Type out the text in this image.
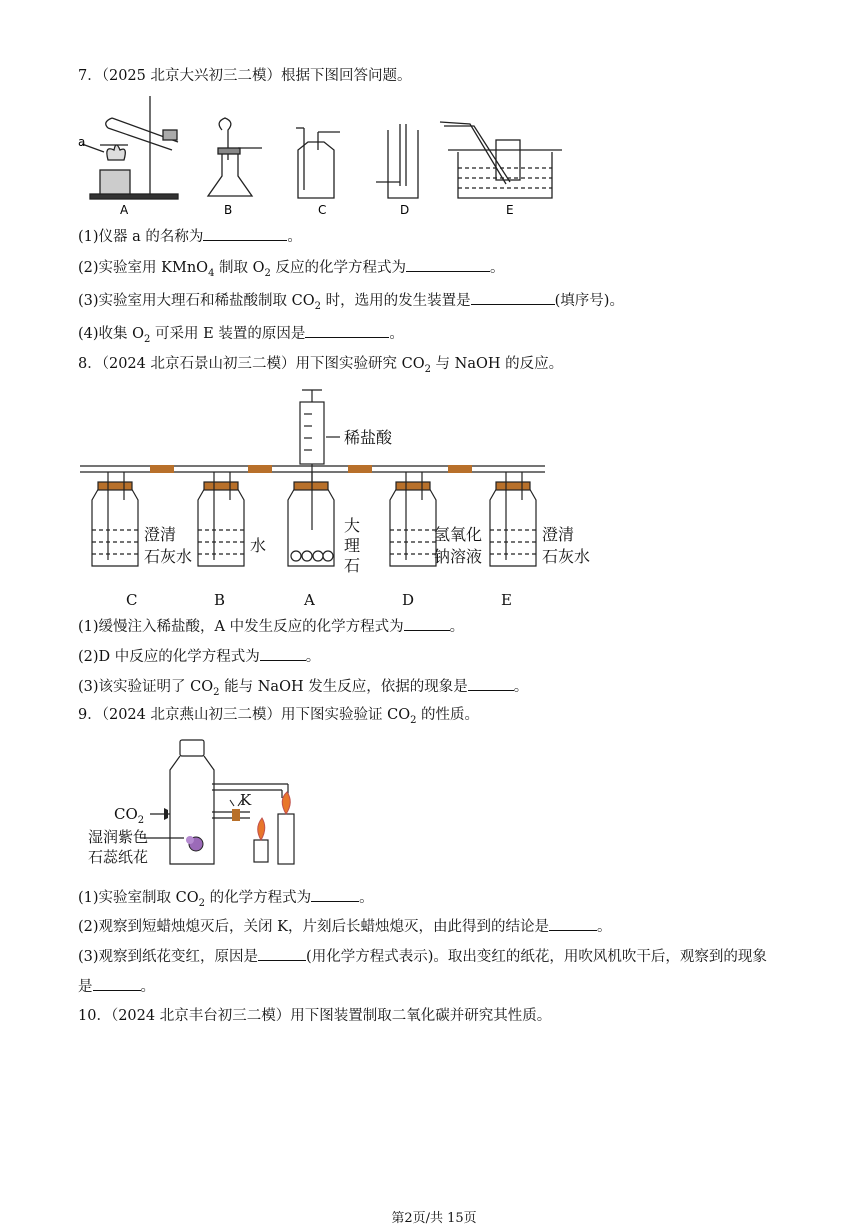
7．（2025 北京大兴初三二模）根据下图回答问题。
a
A	B	C	D	E
(1)仪器 a 的名称为	。
(2)实验室用 KMnO$_4$ 制取 $O_2$ 反应的化学方程式为	。
(3)实验室用大理石和稀盐酸制取 $CO_2$ 时，选用的发生装置是	(填序号)。
(4)收集 $O_2$ 可采用 E 装置的原因是	。
8．（2024 北京石景山初三二模）用下图实验研究 $CO_2$ 与 NaOH 的反应。
稀盐酸
澄清
石灰水
水
大
理
石
氢氧化
钠溶液
澄清
石灰水
C	B	A	D	E
(1)缓慢注入稀盐酸，A 中发生反应的化学方程式为	。
(2)D 中反应的化学方程式为	。
(3)该实验证明了 $CO_2$ 能与 NaOH 发生反应，依据的现象是	。
9．（2024 北京燕山初三二模）用下图实验验证 $CO_2$ 的性质。
$CO_2$
K
湿润紫色
石蕊纸花
(1)实验室制取 $CO_2$ 的化学方程式为	。
(2)观察到短蜡烛熄灭后，关闭 K，片刻后长蜡烛熄灭，由此得到的结论是	。
(3)观察到纸花变红，原因是	(用化学方程式表示)。取出变红的纸花，用吹风机吹干后，观察到的现象
是	。
10．（2024 北京丰台初三二模）用下图装置制取二氧化碳并研究其性质。
第2页/共 15页
